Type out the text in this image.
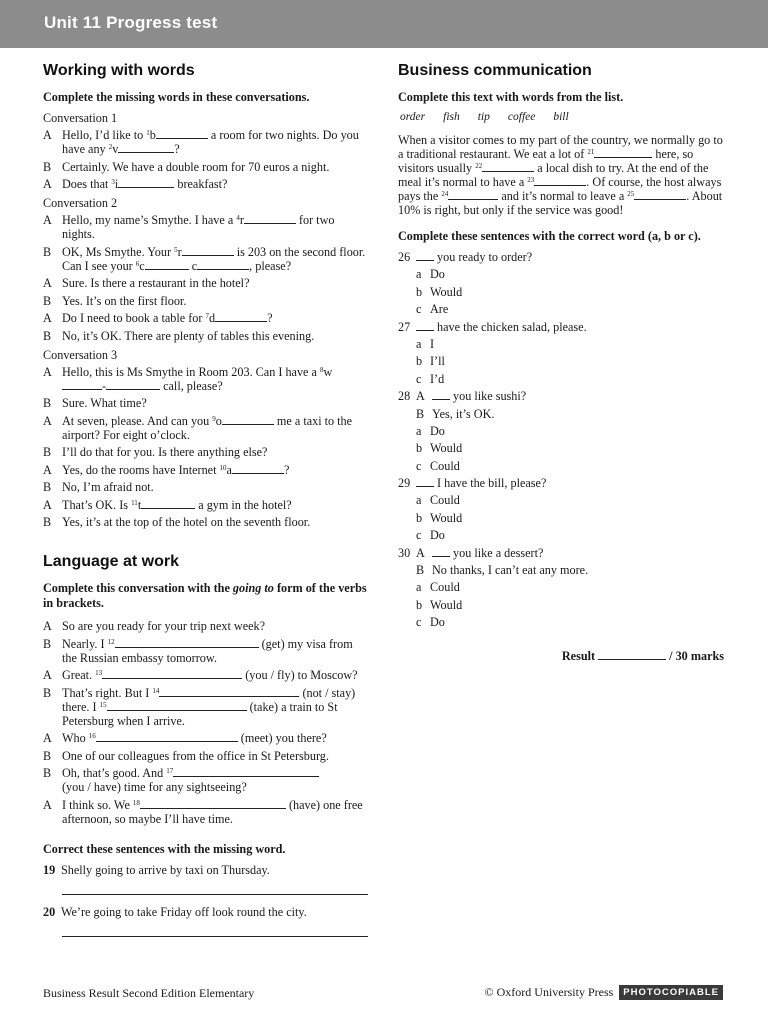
Unit 11 Progress test
Working with words

Complete the missing words in these conversations.

Conversation 1
A Hello, I’d like to $^1$b	a room for two nights. Do you have any $^2$v	?
B Certainly. We have a double room for 70 euros a night.
A Does that $^3$i	breakfast?
Conversation 2
A Hello, my name’s Smythe. I have a $^4$r	for two nights.
B OK, Ms Smythe. Your $^5$r	is 203 on the second floor. Can I see your $^6$c	c	, please?
A Sure. Is there a restaurant in the hotel?
B Yes. It’s on the first floor.
A Do I need to book a table for $^7$d	?
B No, it’s OK. There are plenty of tables this evening.
Conversation 3
A Hello, this is Ms Smythe in Room 203. Can I have a $^8$w-	call, please?
B Sure. What time?
A At seven, please. And can you $^9$o	me a taxi to the airport? For eight o’clock.
B I’ll do that for you. Is there anything else?
A Yes, do the rooms have Internet $^{10}$a	?
B No, I’m afraid not.
A That’s OK. Is $^{11}$t	a gym in the hotel?
B Yes, it’s at the top of the hotel on the seventh floor.
Language at work

Complete this conversation with the going to form of the verbs in brackets.

A So are you ready for your trip next week?
B Nearly. I $^{12}$	(get) my visa from the Russian embassy tomorrow.
A Great. $^{13}$	(you / fly) to Moscow?
B That’s right. But I $^{14}$	(not / stay) there. I $^{15}$	(take) a train to St Petersburg when I arrive.
A Who $^{16}$	(meet) you there?
B One of our colleagues from the office in St Petersburg.
B Oh, that’s good. And $^{17}$
(you / have) time for any sightseeing?
A I think so. We $^{18}$	(have) one free afternoon, so maybe I’ll have time.

Correct these sentences with the missing word.

19 Shelly going to arrive by taxi on Thursday.
20 We’re going to take Friday off look round the city.
Business communication

Complete this text with words from the list.

order fish tip coffee bill

When a visitor comes to my part of the country, we normally go to a traditional restaurant. We eat a lot of $^{21}$	here, so visitors usually $^{22}$	a local dish to try. At the end of the meal it’s normal to have a $^{23}$	. Of course, the host always pays the $^{24}$	and it’s normal to leave a $^{25}$	. About 10% is right, but only if the service was good!

Complete these sentences with the correct word (a, b or c).

26	you ready to order?
a Do
b Would
c Are
27	have the chicken salad, please.
a I
b I’ll
c I’d
28 A you like sushi?
B Yes, it’s OK.
a Do
b Would
c Could
29	I have the bill, please?
a Could
b Would
c Do
30 A you like a dessert?
B No thanks, I can’t eat any more.
a Could
b Would
c Do
Result	/ 30 marks
Business Result Second Edition Elementary	© Oxford University Press	PHOTOCOPIABLE
